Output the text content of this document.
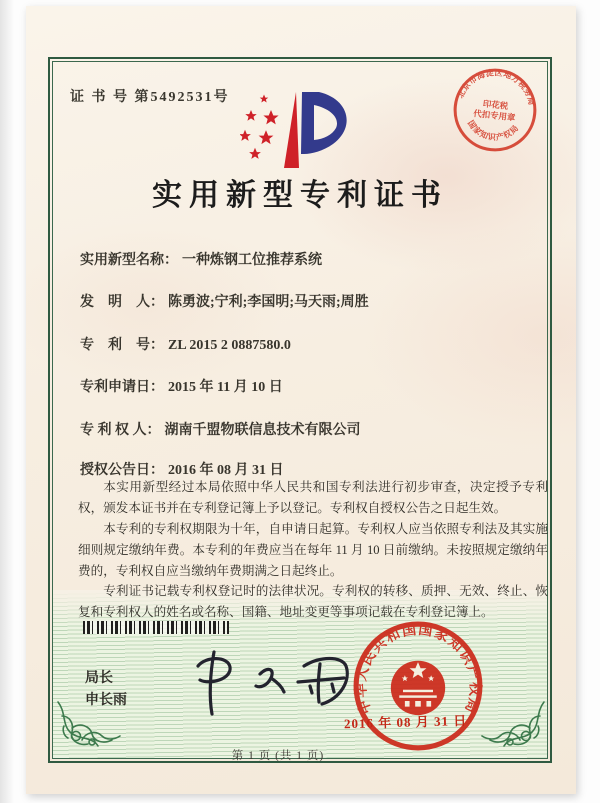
证 书 号 第5492531号
实用新型专利证书
北京市海淀区地方税务局
国家知识产权局
印花税
代扣专用章
实用新型名称： 一种炼钢工位推荐系统
发　明　人： 陈勇波;宁利;李国明;马天雨;周胜
专　利　号： ZL 2015 2 0887580.0
专利申请日： 2015 年 11 月 10 日
专 利 权 人： 湖南千盟物联信息技术有限公司
授权公告日： 2016 年 08 月 31 日

本实用新型经过本局依照中华人民共和国专利法进行初步审查，决定授予专利权，颁发本证书并在专利登记簿上予以登记。专利权自授权公告之日起生效。

本专利的专利权期限为十年，自申请日起算。专利权人应当依照专利法及其实施细则规定缴纳年费。本专利的年费应当在每年 11 月 10 日前缴纳。未按照规定缴纳年费的，专利权自应当缴纳年费期满之日起终止。

专利证书记载专利权登记时的法律状况。专利权的转移、质押、无效、终止、恢复和专利权人的姓名或名称、国籍、地址变更等事项记载在专利登记簿上。

局长
申长雨	中华人民共和国国家知识产权局
2016 年 08 月 31 日
第 1 页 (共 1 页)
